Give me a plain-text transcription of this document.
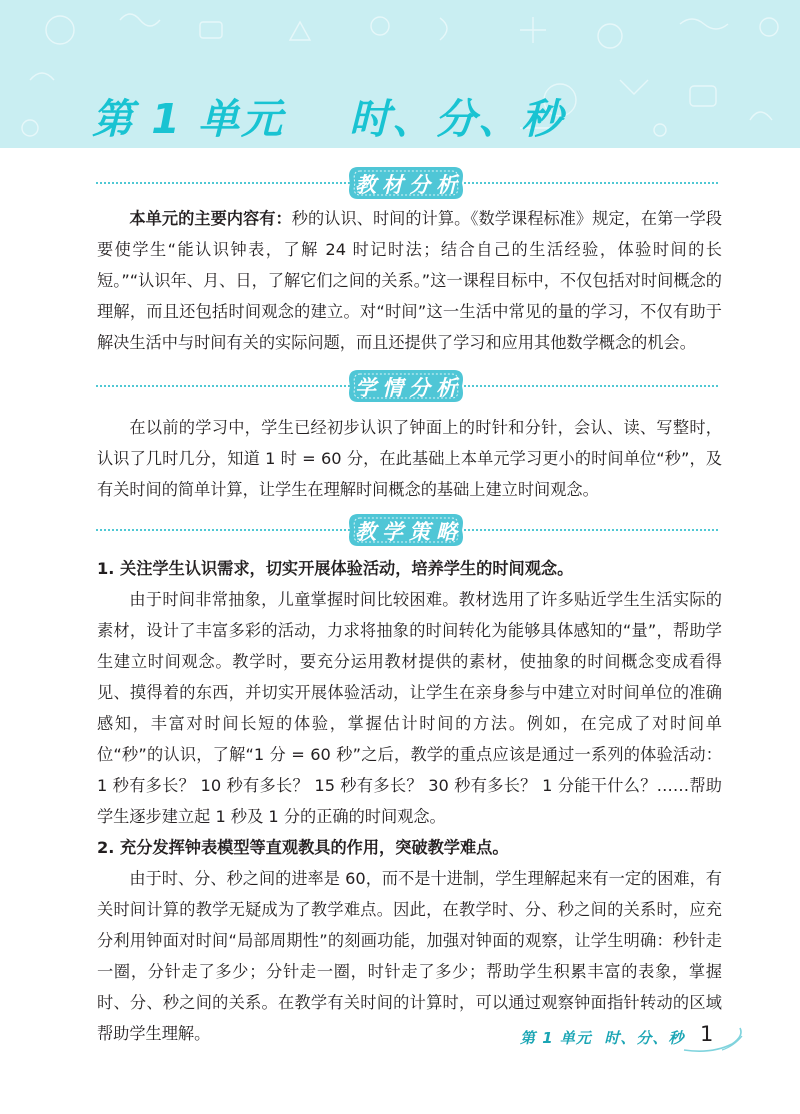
第 1 单元    时、分、秒
教材分析

本单元的主要内容有：秒的认识、时间的计算。《数学课程标准》规定，在第一学段要使学生“能认识钟表，了解 24 时记时法；结合自己的生活经验，体验时间的长短。”“认识年、月、日，了解它们之间的关系。”这一课程目标中，不仅包括对时间概念的理解，而且还包括时间观念的建立。对“时间”这一生活中常见的量的学习，不仅有助于解决生活中与时间有关的实际问题，而且还提供了学习和应用其他数学概念的机会。

学情分析

在以前的学习中，学生已经初步认识了钟面上的时针和分针，会认、读、写整时，认识了几时几分，知道 1 时 = 60 分，在此基础上本单元学习更小的时间单位“秒”，及有关时间的简单计算，让学生在理解时间概念的基础上建立时间观念。

教学策略

1. 关注学生认识需求，切实开展体验活动，培养学生的时间观念。

由于时间非常抽象，儿童掌握时间比较困难。教材选用了许多贴近学生生活实际的素材，设计了丰富多彩的活动，力求将抽象的时间转化为能够具体感知的“量”，帮助学生建立时间观念。教学时，要充分运用教材提供的素材，使抽象的时间概念变成看得见、摸得着的东西，并切实开展体验活动，让学生在亲身参与中建立对时间单位的准确感知，丰富对时间长短的体验，掌握估计时间的方法。例如，在完成了对时间单位“秒”的认识，了解“1 分 = 60 秒”之后，教学的重点应该是通过一系列的体验活动：1 秒有多长？ 10 秒有多长？ 15 秒有多长？ 30 秒有多长？ 1 分能干什么？……帮助学生逐步建立起 1 秒及 1 分的正确的时间观念。

2. 充分发挥钟表模型等直观教具的作用，突破教学难点。

由于时、分、秒之间的进率是 60，而不是十进制，学生理解起来有一定的困难，有关时间计算的教学无疑成为了教学难点。因此，在教学时、分、秒之间的关系时，应充分利用钟面对时间“局部周期性”的刻画功能，加强对钟面的观察，让学生明确：秒针走一圈，分针走了多少；分针走一圈，时针走了多少；帮助学生积累丰富的表象，掌握时、分、秒之间的关系。在教学有关时间的计算时，可以通过观察钟面指针转动的区域帮助学生理解。	第 1 单元  时、分、秒 1
